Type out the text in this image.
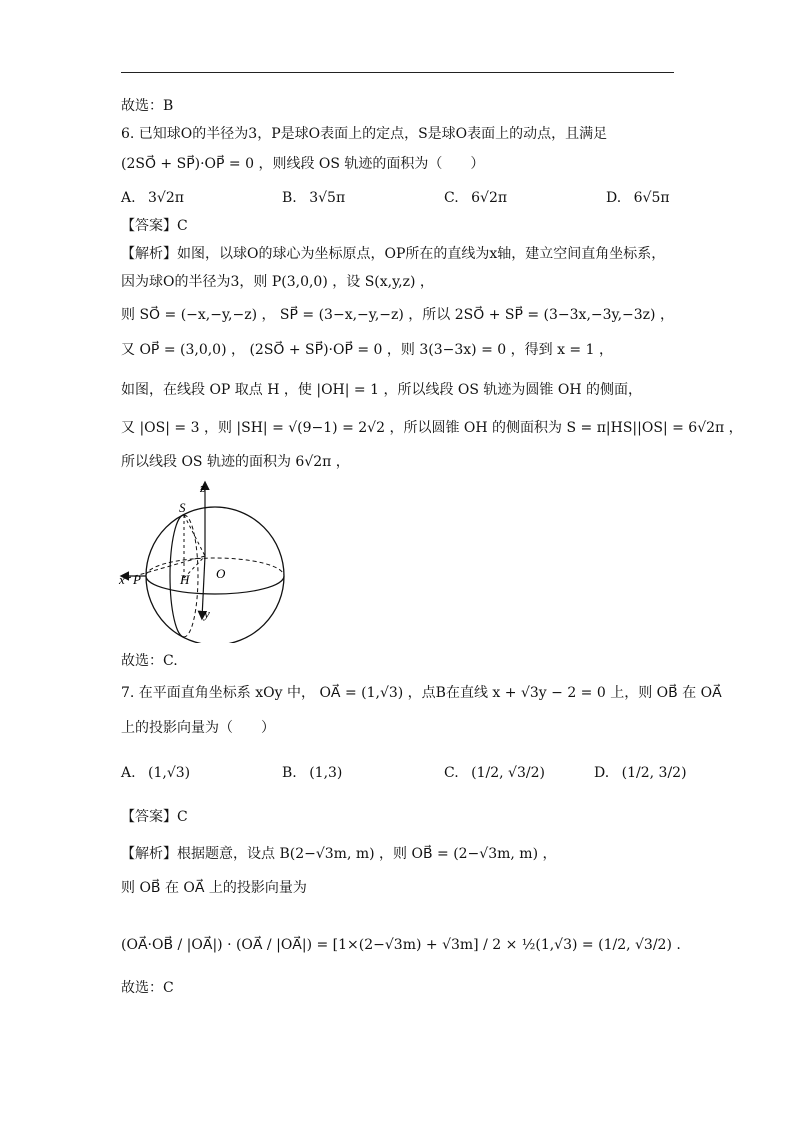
故选：B
6. 已知球O的半径为3，P是球O表面上的定点，S是球O表面上的动点，且满足
(2SO⃗ + SP⃗)·OP⃗ = 0 ，则线段 OS 轨迹的面积为（　　）
A. 3√2π	B. 3√5π	C. 6√2π	D. 6√5π
【答案】C
【解析】如图，以球O的球心为坐标原点，OP所在的直线为x轴，建立空间直角坐标系，
因为球O的半径为3，则 P(3,0,0) ，设 S(x,y,z) ，
则 SO⃗ = (−x,−y,−z) ， SP⃗ = (3−x,−y,−z) ，所以 2SO⃗ + SP⃗ = (3−3x,−3y,−3z) ，
又 OP⃗ = (3,0,0) ， (2SO⃗ + SP⃗)·OP⃗ = 0 ，则 3(3−3x) = 0 ，得到 x = 1 ，
如图，在线段 OP 取点 H ，使 |OH| = 1 ，所以线段 OS 轨迹为圆锥 OH 的侧面，
又 |OS| = 3 ，则 |SH| = √(9−1) = 2√2 ，所以圆锥 OH 的侧面积为 S = π|HS||OS| = 6√2π ，
所以线段 OS 轨迹的面积为 6√2π ，
z
S
x P	H O
y
故选：C.
7. 在平面直角坐标系 xOy 中， OA⃗ = (1,√3) ，点B在直线 x + √3y − 2 = 0 上，则 OB⃗ 在 OA⃗
上的投影向量为（　　）
A. (1,√3)	B. (1,3)	C. (1/2, √3/2)	D. (1/2, 3/2)
【答案】C
【解析】根据题意，设点 B(2−√3m, m) ，则 OB⃗ = (2−√3m, m) ，
则 OB⃗ 在 OA⃗ 上的投影向量为
(OA⃗·OB⃗ / |OA⃗|) · (OA⃗ / |OA⃗|) = [1×(2−√3m) + √3m] / 2 × ½(1,√3) = (1/2, √3/2) .
故选：C
